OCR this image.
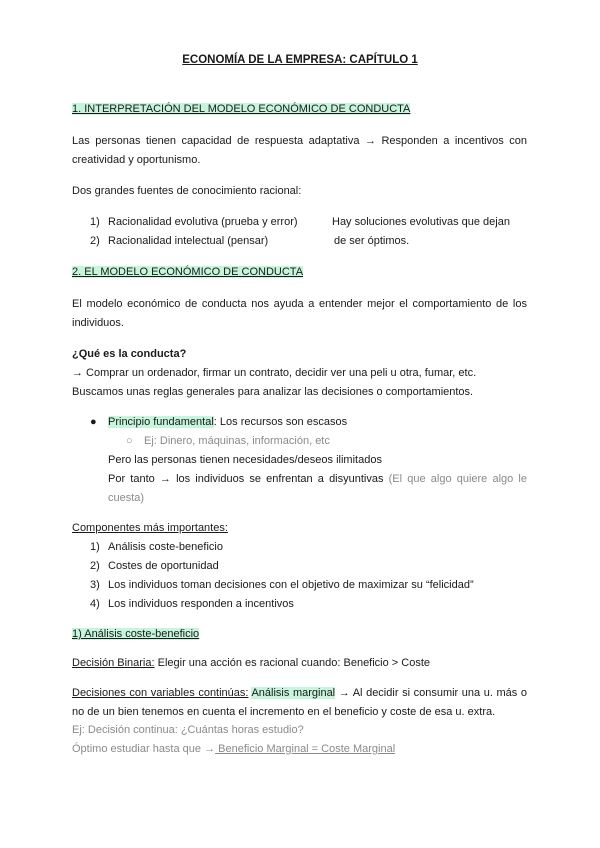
ECONOMÍA DE LA EMPRESA: CAPÍTULO 1
1. INTERPRETACIÓN DEL MODELO ECONÓMICO DE CONDUCTA
Las personas tienen capacidad de respuesta adaptativa → Responden a incentivos con
creatividad y oportunismo.
Dos grandes fuentes de conocimiento racional:
1) Racionalidad evolutiva (prueba y error)	Hay soluciones evolutivas que dejan
2) Racionalidad intelectual (pensar)	de ser óptimos.
2. EL MODELO ECONÓMICO DE CONDUCTA
El modelo económico de conducta nos ayuda a entender mejor el comportamiento de los
individuos.
¿Qué es la conducta?
→ Comprar un ordenador, firmar un contrato, decidir ver una peli u otra, fumar, etc.
Buscamos unas reglas generales para analizar las decisiones o comportamientos.
● Principio fundamental: Los recursos son escasos
○ Ej: Dinero, máquinas, información, etc
Pero las personas tienen necesidades/deseos ilimitados
Por tanto → los individuos se enfrentan a disyuntivas (El que algo quiere algo le
cuesta)
Componentes más importantes:
1) Análisis coste-beneficio
2) Costes de oportunidad
3) Los individuos toman decisiones con el objetivo de maximizar su “felicidad”
4) Los individuos responden a incentivos
1) Análisis coste-beneficio
Decisión Binaria: Elegir una acción es racional cuando: Beneficio > Coste
Decisiones con variables continúas: Análisis marginal → Al decidir si consumir una u. más o
no de un bien tenemos en cuenta el incremento en el beneficio y coste de esa u. extra.
Ej: Decisión continua: ¿Cuántas horas estudio?
Óptimo estudiar hasta que → Beneficio Marginal = Coste Marginal
